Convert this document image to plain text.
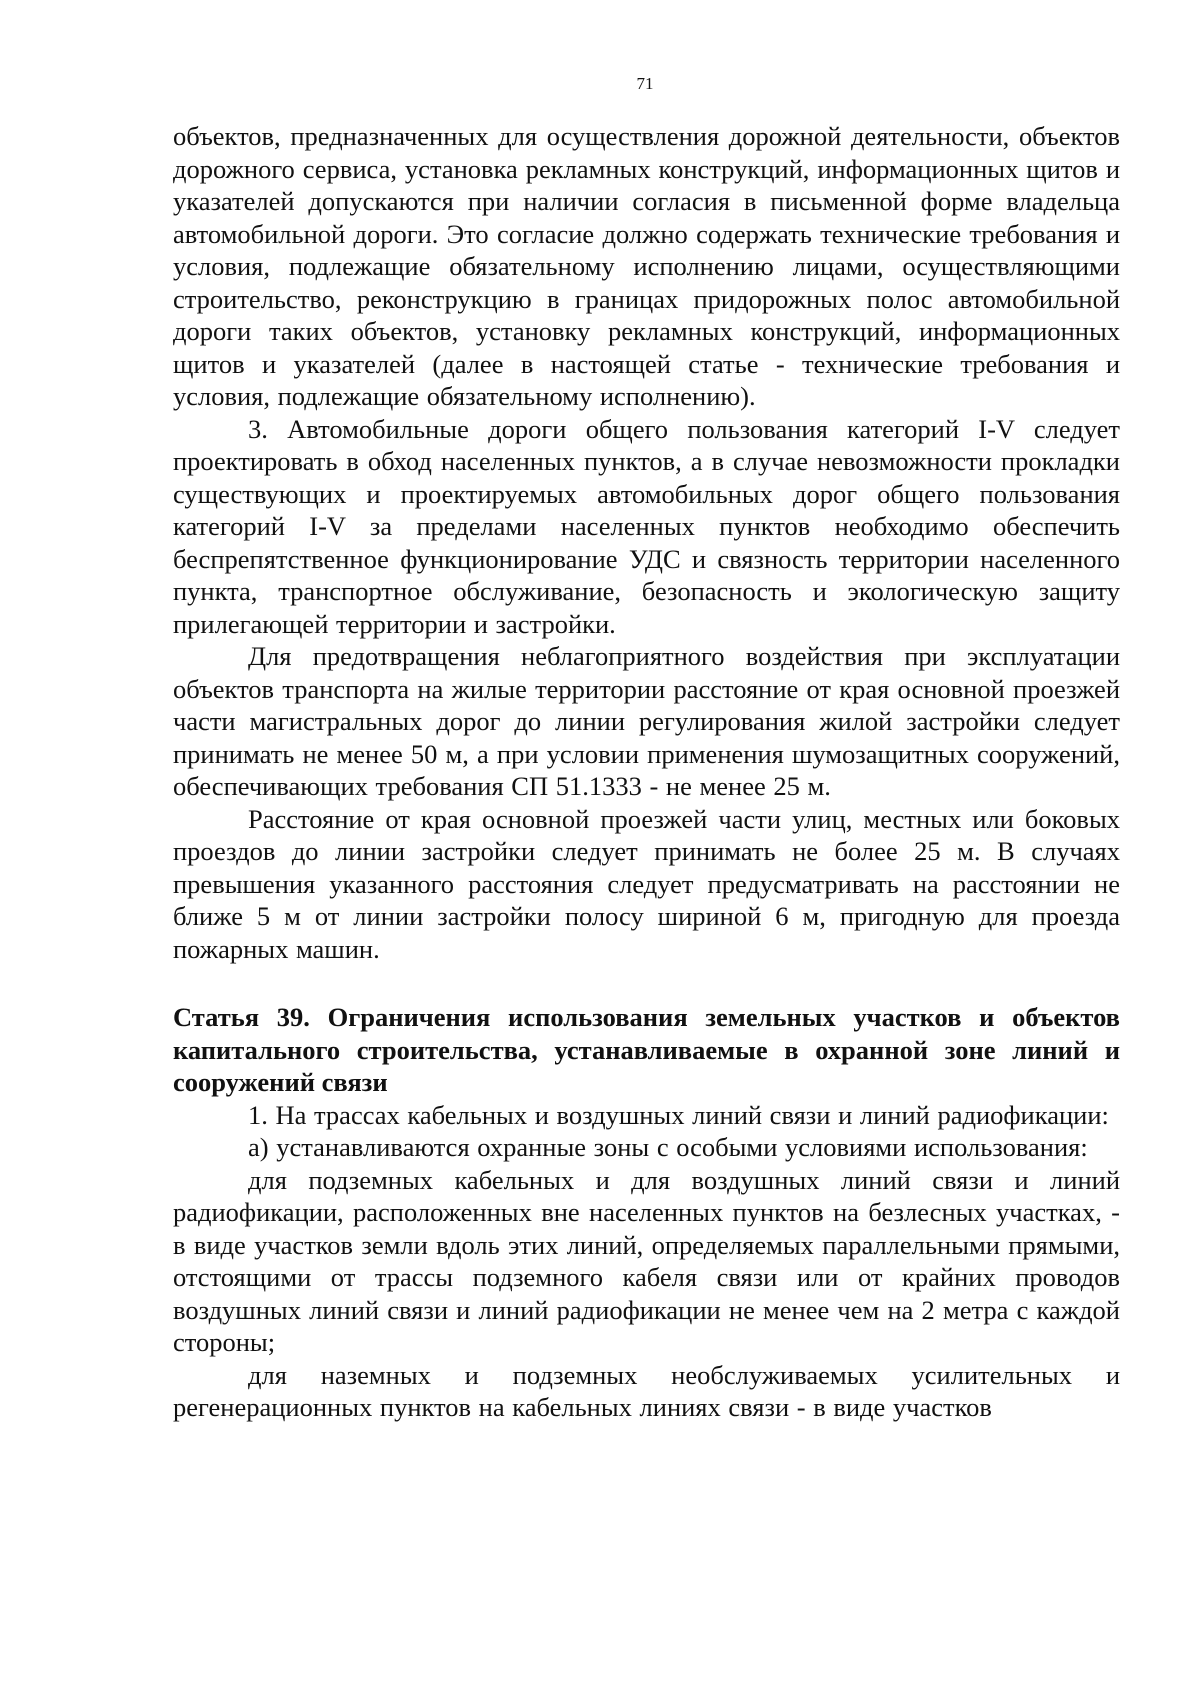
71

объектов, предназначенных для осуществления дорожной деятельности, объектов дорожного сервиса, установка рекламных конструкций, информационных щитов и указателей допускаются при наличии согласия в письменной форме владельца автомобильной дороги. Это согласие должно содержать технические требования и условия, подлежащие обязательному исполнению лицами, осуществляющими строительство, реконструкцию в границах придорожных полос автомобильной дороги таких объектов, установку рекламных конструкций, информационных щитов и указателей (далее в настоящей статье - технические требования и условия, подлежащие обязательному исполнению).

3. Автомобильные дороги общего пользования категорий I-V следует проектировать в обход населенных пунктов, а в случае невозможности прокладки существующих и проектируемых автомобильных дорог общего пользования категорий I-V за пределами населенных пунктов необходимо обеспечить беспрепятственное функционирование УДС и связность территории населенного пункта, транспортное обслуживание, безопасность и экологическую защиту прилегающей территории и застройки.

Для предотвращения неблагоприятного воздействия при эксплуатации объектов транспорта на жилые территории расстояние от края основной проезжей части магистральных дорог до линии регулирования жилой застройки следует принимать не менее 50 м, а при условии применения шумозащитных сооружений, обеспечивающих требования СП 51.1333 - не менее 25 м.

Расстояние от края основной проезжей части улиц, местных или боковых проездов до линии застройки следует принимать не более 25 м. В случаях превышения указанного расстояния следует предусматривать на расстоянии не ближе 5 м от линии застройки полосу шириной 6 м, пригодную для проезда пожарных машин.

Статья 39. Ограничения использования земельных участков и объектов капитального строительства, устанавливаемые в охранной зоне линий и сооружений связи

1. На трассах кабельных и воздушных линий связи и линий радиофикации:

а) устанавливаются охранные зоны с особыми условиями использования:

для подземных кабельных и для воздушных линий связи и линий радиофикации, расположенных вне населенных пунктов на безлесных участках, - в виде участков земли вдоль этих линий, определяемых параллельными прямыми, отстоящими от трассы подземного кабеля связи или от крайних проводов воздушных линий связи и линий радиофикации не менее чем на 2 метра с каждой стороны;

для наземных и подземных необслуживаемых усилительных и регенерационных пунктов на кабельных линиях связи - в виде участков
